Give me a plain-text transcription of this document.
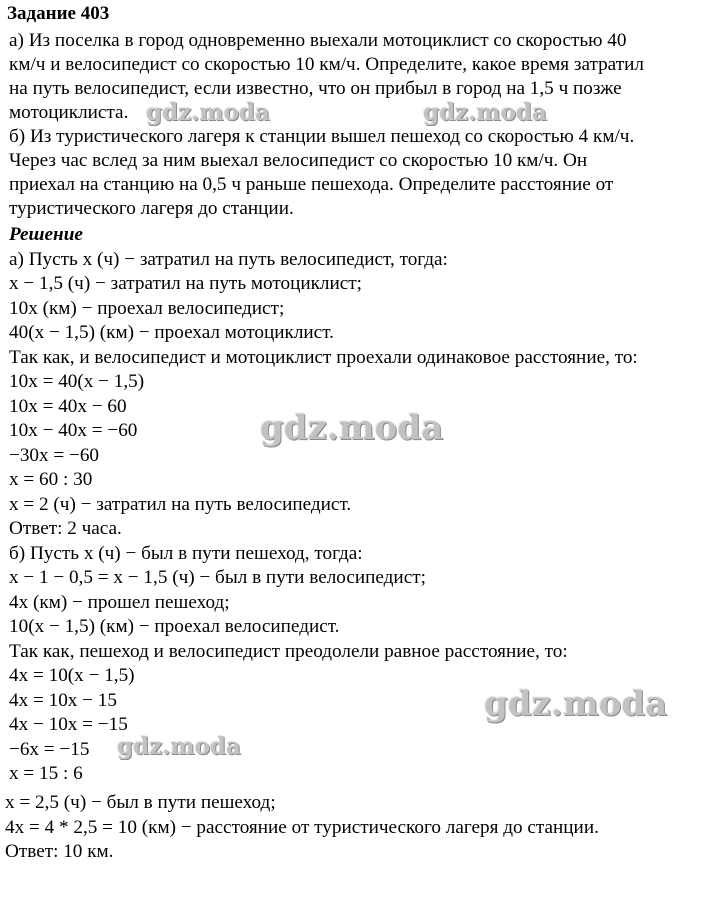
Задание 403
а) Из поселка в город одновременно выехали мотоциклист со скоростью 40
км/ч и велосипедист со скоростью 10 км/ч. Определите, какое время затратил
на путь велосипедист, если известно, что он прибыл в город на 1,5 ч позже
мотоциклиста.
б) Из туристического лагеря к станции вышел пешеход со скоростью 4 км/ч.
Через час вслед за ним выехал велосипедист со скоростью 10 км/ч. Он
приехал на станцию на 0,5 ч раньше пешехода. Определите расстояние от
туристического лагеря до станции.
Решение
а) Пусть x (ч) − затратил на путь велосипедист, тогда:
x − 1,5 (ч) − затратил на путь мотоциклист;
10x (км) − проехал велосипедист;
40(x − 1,5) (км) − проехал мотоциклист.
Так как, и велосипедист и мотоциклист проехали одинаковое расстояние, то:
10x = 40(x − 1,5)
10x = 40x − 60
10x − 40x = −60
−30x = −60
x = 60 : 30
x = 2 (ч) − затратил на путь велосипедист.
Ответ: 2 часа.
б) Пусть x (ч) − был в пути пешеход, тогда:
x − 1 − 0,5 = x − 1,5 (ч) − был в пути велосипедист;
4x (км) − прошел пешеход;
10(x − 1,5) (км) − проехал велосипедист.
Так как, пешеход и велосипедист преодолели равное расстояние, то:
4x = 10(x − 1,5)
4x = 10x − 15
4x − 10x = −15
−6x = −15
x = 15 : 6
x = 2,5 (ч) − был в пути пешеход;
4x = 4 * 2,5 = 10 (км) − расстояние от туристического лагеря до станции.
Ответ: 10 км.
gdz.moda	gdz.moda
gdz.moda
gdz.moda
gdz.moda
